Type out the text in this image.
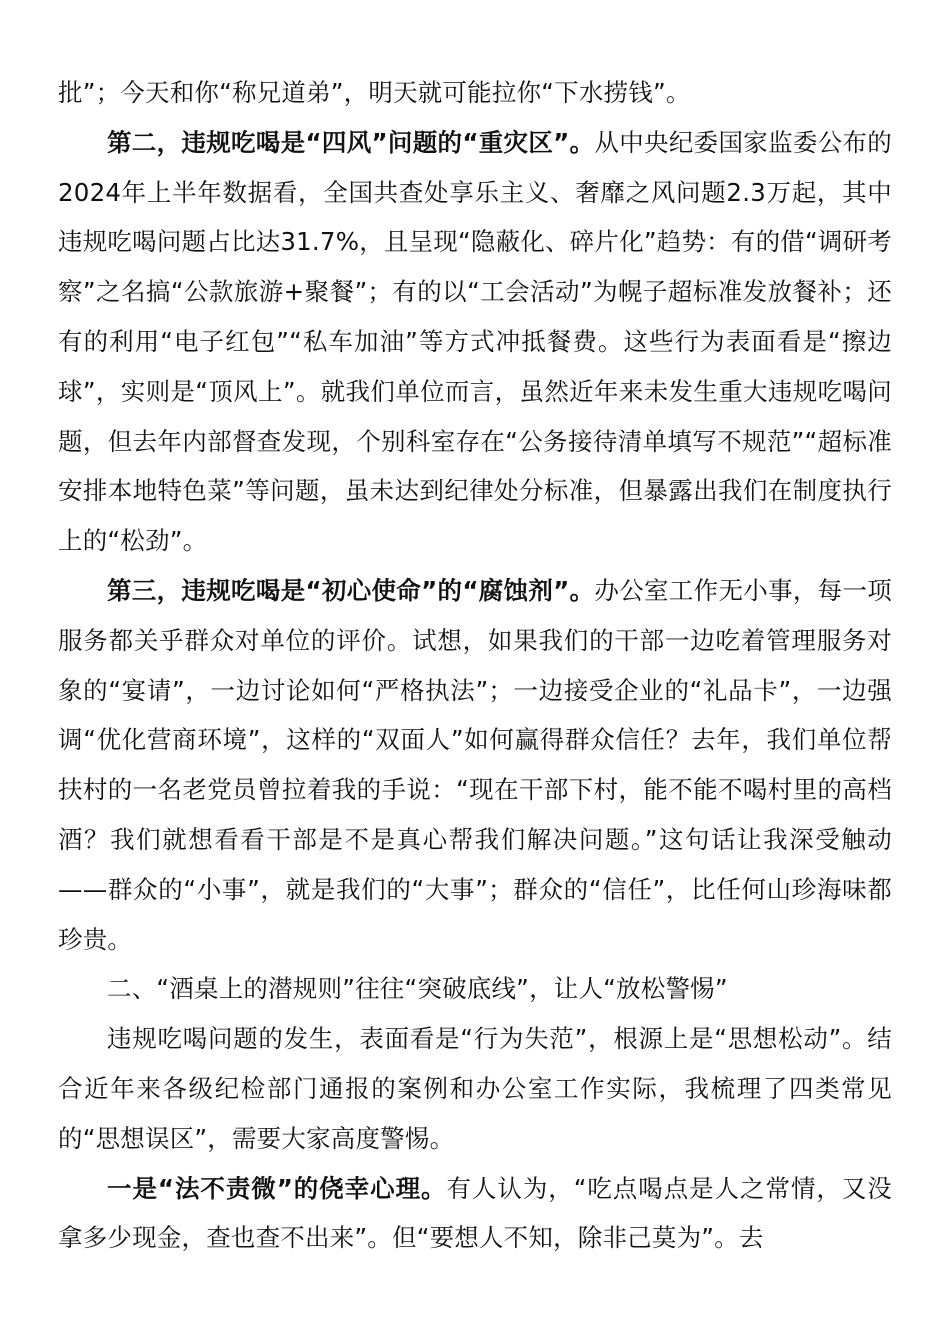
批”；今天和你“称兄道弟”，明天就可能拉你“下水捞钱”。

第二，违规吃喝是“四风”问题的“重灾区”。从中央纪委国家监委公布的2024年上半年数据看，全国共查处享乐主义、奢靡之风问题2.3万起，其中违规吃喝问题占比达31.7%，且呈现“隐蔽化、碎片化”趋势：有的借“调研考察”之名搞“公款旅游+聚餐”；有的以“工会活动”为幌子超标准发放餐补；还有的利用“电子红包”“私车加油”等方式冲抵餐费。这些行为表面看是“擦边球”，实则是“顶风上”。就我们单位而言，虽然近年来未发生重大违规吃喝问题，但去年内部督查发现，个别科室存在“公务接待清单填写不规范”“超标准安排本地特色菜”等问题，虽未达到纪律处分标准，但暴露出我们在制度执行上的“松劲”。

第三，违规吃喝是“初心使命”的“腐蚀剂”。办公室工作无小事，每一项服务都关乎群众对单位的评价。试想，如果我们的干部一边吃着管理服务对象的“宴请”，一边讨论如何“严格执法”；一边接受企业的“礼品卡”，一边强调“优化营商环境”，这样的“双面人”如何赢得群众信任？去年，我们单位帮扶村的一名老党员曾拉着我的手说：“现在干部下村，能不能不喝村里的高档酒？我们就想看看干部是不是真心帮我们解决问题。”这句话让我深受触动——群众的“小事”，就是我们的“大事”；群众的“信任”，比任何山珍海味都珍贵。

二、“酒桌上的潜规则”往往“突破底线”，让人“放松警惕”

违规吃喝问题的发生，表面看是“行为失范”，根源上是“思想松动”。结合近年来各级纪检部门通报的案例和办公室工作实际，我梳理了四类常见的“思想误区”，需要大家高度警惕。

一是“法不责微”的侥幸心理。有人认为，“吃点喝点是人之常情，又没拿多少现金，查也查不出来”。但“要想人不知，除非己莫为”。去
